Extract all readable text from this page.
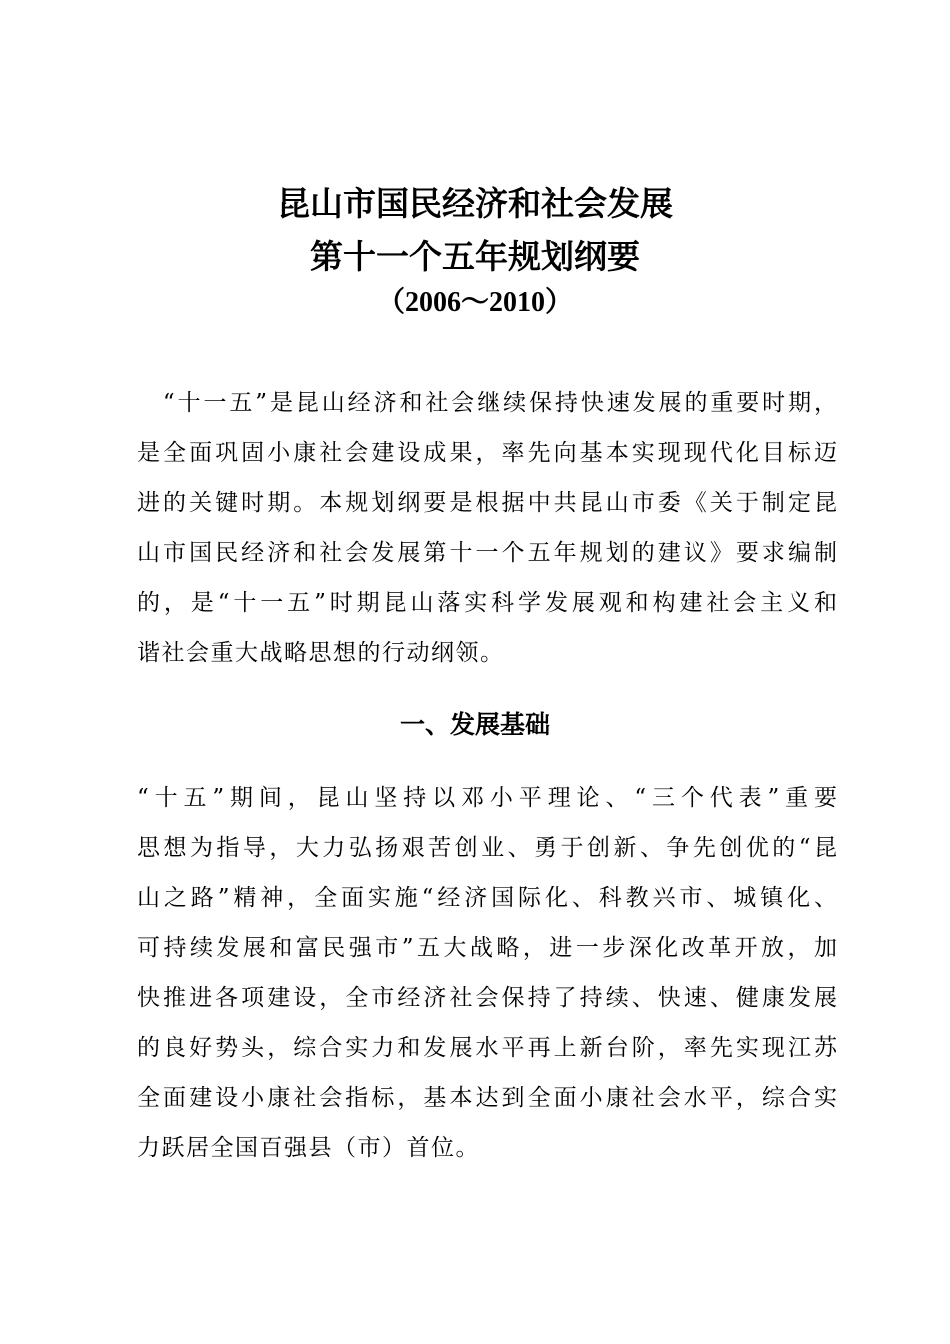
昆山市国民经济和社会发展
第十一个五年规划纲要
（2006～2010）
　“十一五”是昆山经济和社会继续保持快速发展的重要时期，
是全面巩固小康社会建设成果，率先向基本实现现代化目标迈
进的关键时期。本规划纲要是根据中共昆山市委《关于制定昆
山市国民经济和社会发展第十一个五年规划的建议》要求编制
的，是“十一五”时期昆山落实科学发展观和构建社会主义和
谐社会重大战略思想的行动纲领。
一、发展基础
“十五”期间，昆山坚持以邓小平理论、“三个代表”重要
思想为指导，大力弘扬艰苦创业、勇于创新、争先创优的“昆
山之路”精神，全面实施“经济国际化、科教兴市、城镇化、
可持续发展和富民强市”五大战略，进一步深化改革开放，加
快推进各项建设，全市经济社会保持了持续、快速、健康发展
的良好势头，综合实力和发展水平再上新台阶，率先实现江苏
全面建设小康社会指标，基本达到全面小康社会水平，综合实
力跃居全国百强县（市）首位。
